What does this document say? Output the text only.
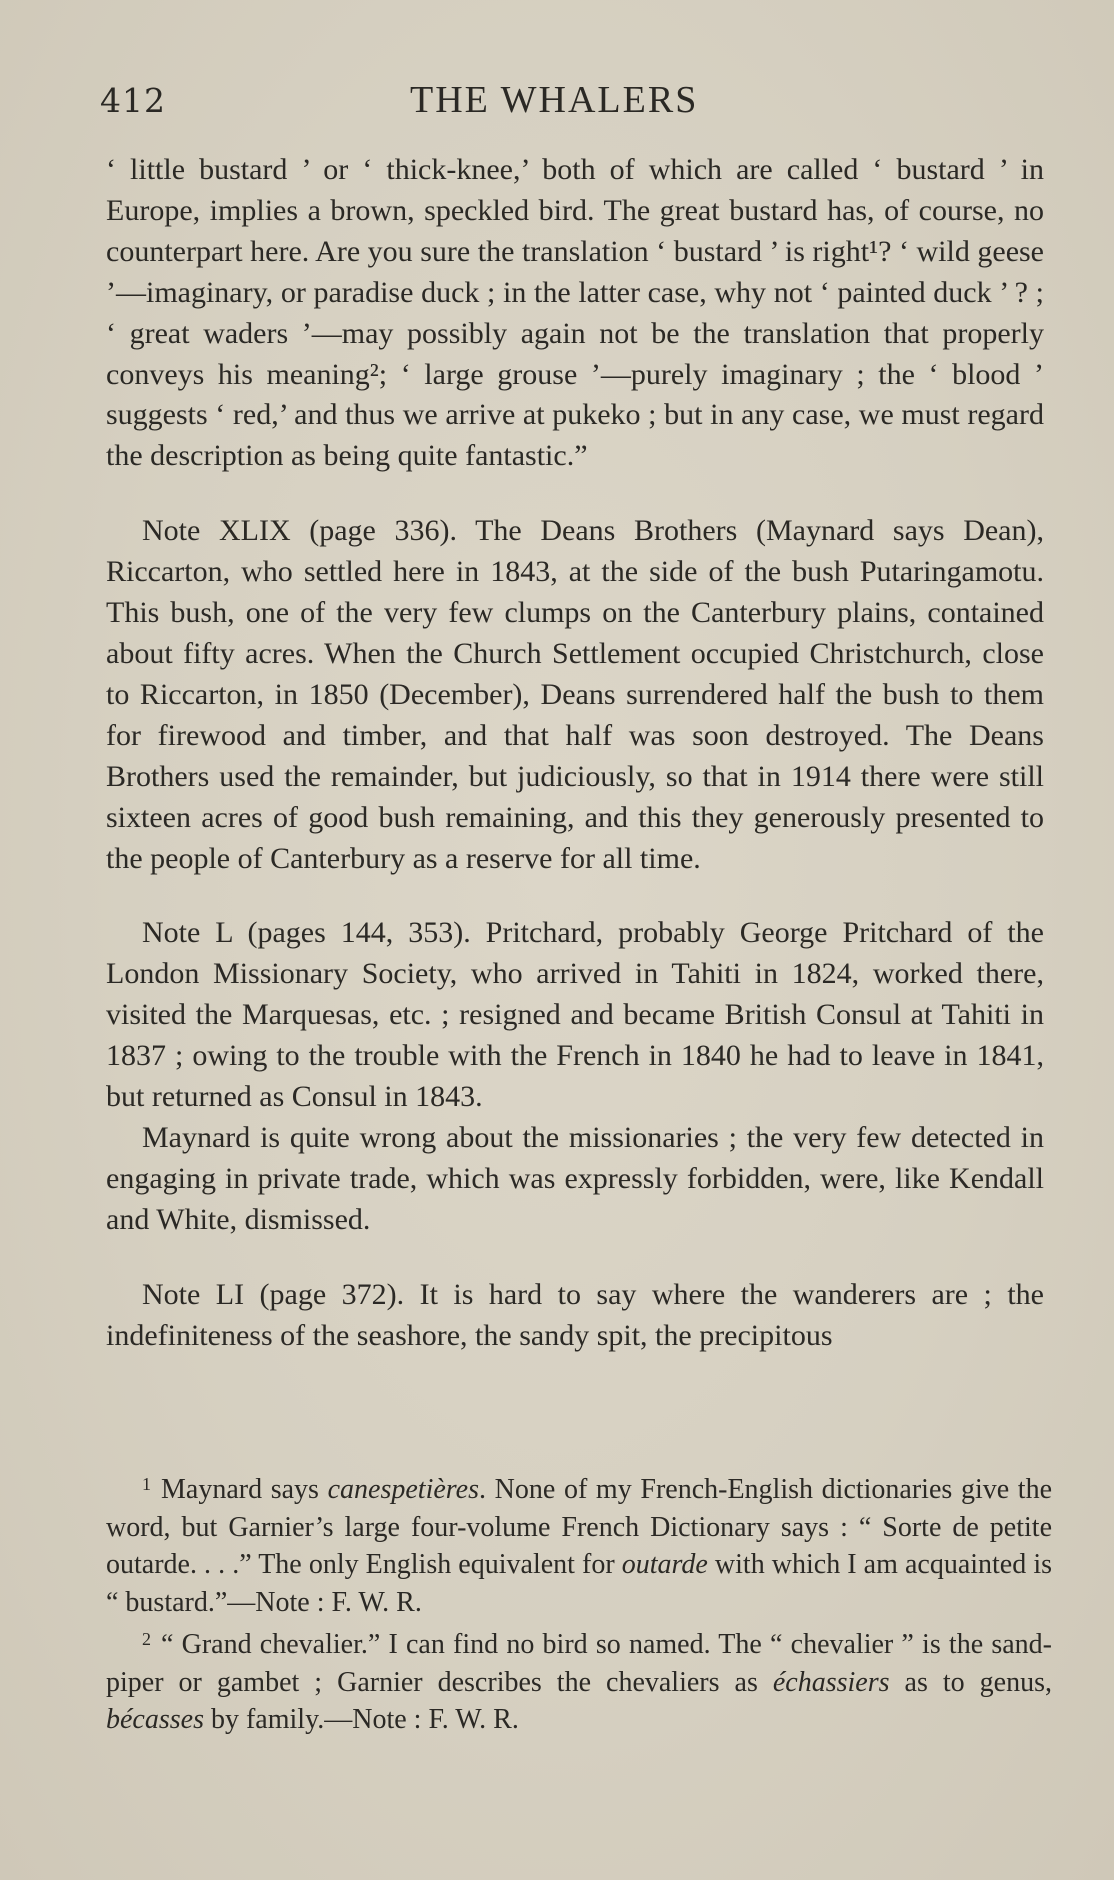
412	THE WHALERS

‘ little bustard ’ or ‘ thick-knee,’ both of which are called ‘ bustard ’ in Europe, implies a brown, speckled bird. The great bustard has, of course, no counterpart here. Are you sure the translation ‘ bustard ’ is right¹? ‘ wild geese ’—imaginary, or paradise duck ; in the latter case, why not ‘ painted duck ’ ? ; ‘ great waders ’—may possibly again not be the translation that properly conveys his meaning²; ‘ large grouse ’—purely imaginary ; the ‘ blood ’ suggests ‘ red,’ and thus we arrive at pukeko ; but in any case, we must regard the description as being quite fantastic.”

Note XLIX (page 336). The Deans Brothers (Maynard says Dean), Riccarton, who settled here in 1843, at the side of the bush Putaringamotu. This bush, one of the very few clumps on the Canterbury plains, contained about fifty acres. When the Church Settlement occupied Christchurch, close to Riccarton, in 1850 (December), Deans surrendered half the bush to them for firewood and timber, and that half was soon destroyed. The Deans Brothers used the remainder, but judiciously, so that in 1914 there were still sixteen acres of good bush remaining, and this they generously presented to the people of Canterbury as a reserve for all time.

Note L (pages 144, 353). Pritchard, probably George Pritchard of the London Missionary Society, who arrived in Tahiti in 1824, worked there, visited the Marquesas, etc. ; resigned and became British Consul at Tahiti in 1837 ; owing to the trouble with the French in 1840 he had to leave in 1841, but returned as Consul in 1843.

Maynard is quite wrong about the missionaries ; the very few detected in engaging in private trade, which was expressly forbidden, were, like Kendall and White, dismissed.

Note LI (page 372). It is hard to say where the wanderers are ; the indefiniteness of the seashore, the sandy spit, the precipitous

$^1$ Maynard says canespetières. None of my French-English dictionaries give the word, but Garnier’s large four-volume French Dictionary says : “ Sorte de petite outarde. . . .” The only English equivalent for outarde with which I am acquainted is “ bustard.”—Note : F. W. R.

$^2$ “ Grand chevalier.” I can find no bird so named. The “ chevalier ” is the sand-piper or gambet ; Garnier describes the chevaliers as échassiers as to genus, bécasses by family.—Note : F. W. R.
